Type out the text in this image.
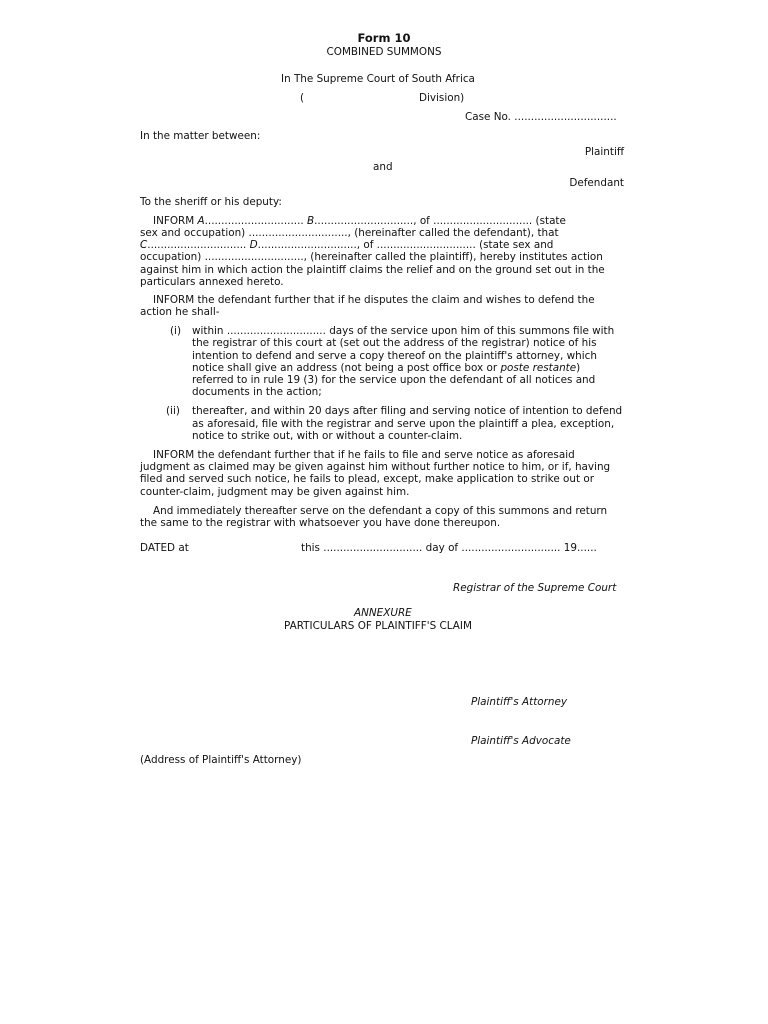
Form 10
COMBINED SUMMONS
In The Supreme Court of South Africa
(	Division)
Case No. ...............................
In the matter between:
Plaintiff
and
Defendant
To the sheriff or his deputy:
INFORM A.............................. B.............................., of .............................. (state
sex and occupation) .............................., (hereinafter called the defendant), that
C.............................. D.............................., of .............................. (state sex and
occupation) .............................., (hereinafter called the plaintiff), hereby institutes action
against him in which action the plaintiff claims the relief and on the ground set out in the
particulars annexed hereto.
INFORM the defendant further that if he disputes the claim and wishes to defend the
action he shall-
(i) within .............................. days of the service upon him of this summons file with
the registrar of this court at (set out the address of the registrar) notice of his
intention to defend and serve a copy thereof on the plaintiff's attorney, which
notice shall give an address (not being a post office box or poste restante)
referred to in rule 19 (3) for the service upon the defendant of all notices and
documents in the action;
(ii) thereafter, and within 20 days after filing and serving notice of intention to defend
as aforesaid, file with the registrar and serve upon the plaintiff a plea, exception,
notice to strike out, with or without a counter-claim.
INFORM the defendant further that if he fails to file and serve notice as aforesaid
judgment as claimed may be given against him without further notice to him, or if, having
filed and served such notice, he fails to plead, except, make application to strike out or
counter-claim, judgment may be given against him.
And immediately thereafter serve on the defendant a copy of this summons and return
the same to the registrar with whatsoever you have done thereupon.
DATED at	this .............................. day of .............................. 19......
Registrar of the Supreme Court
ANNEXURE
PARTICULARS OF PLAINTIFF'S CLAIM
Plaintiff's Attorney
Plaintiff's Advocate
(Address of Plaintiff's Attorney)
